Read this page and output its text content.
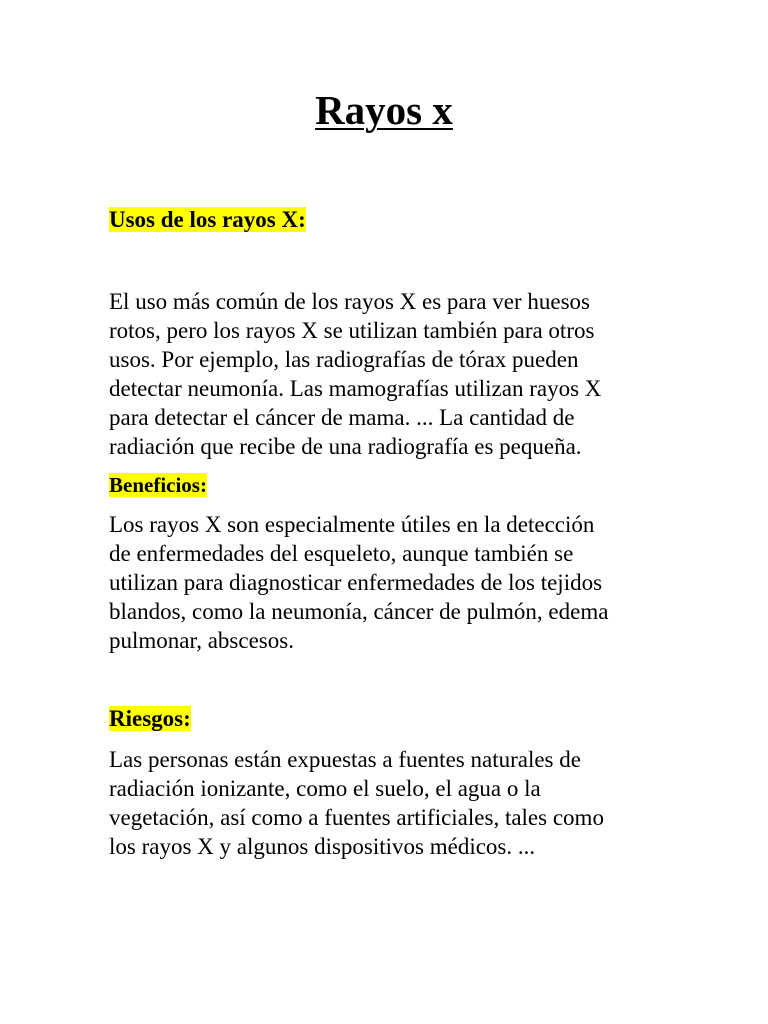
Rayos x
Usos de los rayos X:

El uso más común de los rayos X es para ver huesos
rotos, pero los rayos X se utilizan también para otros
usos. Por ejemplo, las radiografías de tórax pueden
detectar neumonía. Las mamografías utilizan rayos X
para detectar el cáncer de mama. ... La cantidad de
radiación que recibe de una radiografía es pequeña.

Beneficios:

Los rayos X son especialmente útiles en la detección
de enfermedades del esqueleto, aunque también se
utilizan para diagnosticar enfermedades de los tejidos
blandos, como la neumonía, cáncer de pulmón, edema
pulmonar, abscesos.

Riesgos:

Las personas están expuestas a fuentes naturales de
radiación ionizante, como el suelo, el agua o la
vegetación, así como a fuentes artificiales, tales como
los rayos X y algunos dispositivos médicos. ...
